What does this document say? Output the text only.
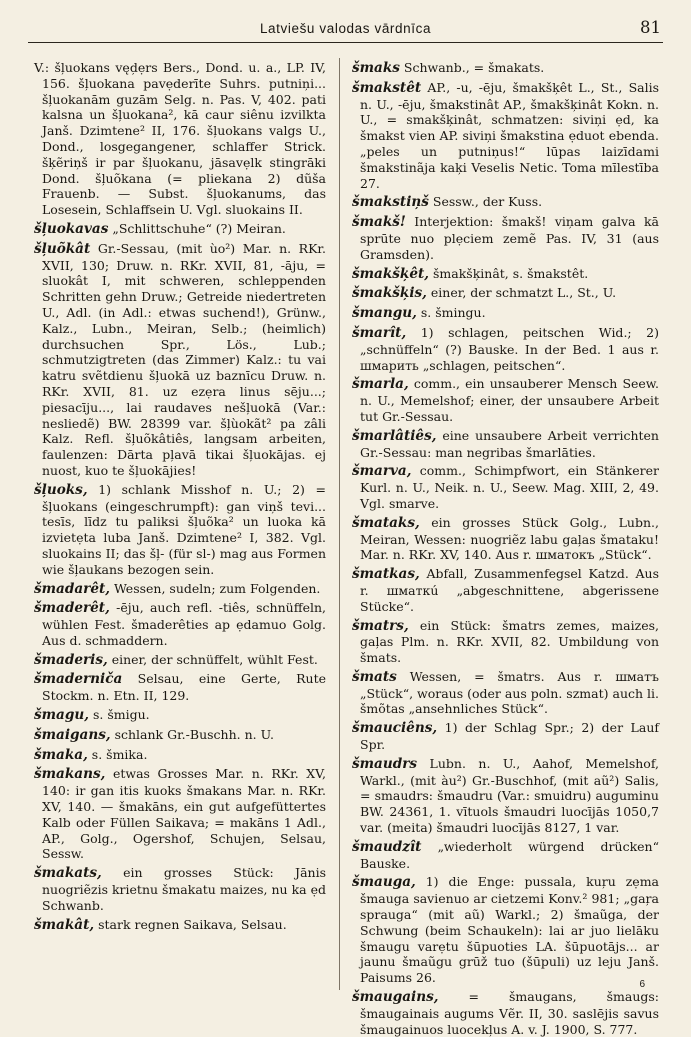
Latviešu valodas vārdnīca	81

V.: šļuokans vęd̦ẹrs Bers., Dond. u. a., LP. IV, 156. šļuokana pavẹderīte Suhrs. putniņi... šļuokanām guzām Selg. n. Pas. V, 402. pati kalsna un šļuokana², kā caur siênu izvilkta Janš. Dzimtene² II, 176. šļuokans valgs U., Dond., losgegangener, schlaffer Strick. šķẽriņš ir par šļuokanu, jāsavẹlk stingrāki Dond. šļuõkana (= pliekana 2) dũša Frauenb. — Subst. šļuokanums, das Losesein, Schlaffsein U. Vgl. sluokains II.

šļuokavas „Schlittschuhe“ (?) Meiran.

šļuõkât Gr.-Sessau, (mit ùo²) Mar. n. RKr. XVII, 130; Druw. n. RKr. XVII, 81, -āju, = sluokât I, mit schweren, schleppenden Schritten gehn Druw.; Getreide niedertreten U., Adl. (in Adl.: etwas suchend!), Grünw., Kalz., Lubn., Meiran, Selb.; (heimlich) durchsuchen Spr., Lös., Lub.; schmutzigtreten (das Zimmer) Kalz.: tu vai katru svẽtdienu šļuokā uz baznīcu Druw. n. RKr. XVII, 81. uz ezẹra linus sēju...; piesacīju..., lai raudaves nešļuokā (Var.: nesliedẽ) BW. 28399 var. šļùokãt² pa zâli Kalz. Refl. šļuõkâtiês, langsam arbeiten, faulenzen: Dārta pļavā tikai šļuokājas. ej nuost, kuo te šļuokājies!

šļuoks, 1) schlank Misshof n. U.; 2) = šļuokans (eingeschrumpft): gan viņš tevi... tesīs, līdz tu paliksi šļuõka² un luoka kā izvietẹta luba Janš. Dzimtene² I, 382. Vgl. sluokains II; das šļ- (für sl-) mag aus Formen wie šļaukans bezogen sein.

šmadarêt, Wessen, sudeln; zum Folgenden.

šmaderêt, -ēju, auch refl. -tiês, schnüffeln, wühlen Fest. šmaderêties ap ẹdamuo Golg. Aus d. schmaddern.

šmaderis, einer, der schnüffelt, wühlt Fest.

šmaderniča Selsau, eine Gerte, Rute Stockm. n. Etn. II, 129.

šmagu, s. šmigu.

šmaigans, schlank Gr.-Buschh. n. U.

šmaka, s. šmika.

šmakans, etwas Grosses Mar. n. RKr. XV, 140: ir gan itis kuoks šmakans Mar. n. RKr. XV, 140. — šmakāns, ein gut aufgefüttertes Kalb oder Füllen Saikava; = makāns 1 Adl., AP., Golg., Ogershof, Schujen, Selsau, Sessw.

šmakats, ein grosses Stück: Jānis nuogriẽzis krietnu šmakatu maizes, nu ka ẹd Schwanb.

šmakât, stark regnen Saikava, Selsau.

šmaks Schwanb., = šmakats.

šmakstêt AP., -u, -ēju, šmakšķêt L., St., Salis n. U., -ēju, šmakstinât AP., šmakšķinât Kokn. n. U., = smakšķinât, schmatzen: siviņi ẹd, ka šmakst vien AP. siviņi šmakstina ẹduot ebenda. „peles un putniņus!“ lūpas laizīdami šmakstinãja kaķi Veselis Netic. Toma mīlestība 27.

šmakstiņš Sessw., der Kuss.

šmakš! Interjektion: šmakš! viņam galva kā sprūte nuo plẹciem zemẽ Pas. IV, 31 (aus Gramsden).

šmakšķêt, šmakšķinât, s. šmakstêt.

šmakšķis, einer, der schmatzt L., St., U.

šmangu, s. šmingu.

šmarît, 1) schlagen, peitschen Wid.; 2) „schnüffeln“ (?) Bauske. In der Bed. 1 aus r. шмарить „schlagen, peitschen“.

šmarla, comm., ein unsauberer Mensch Seew. n. U., Memelshof; einer, der unsaubere Arbeit tut Gr.-Sessau.

šmarlâtiês, eine unsaubere Arbeit verrichten Gr.-Sessau: man negribas šmarlāties.

šmarva, comm., Schimpfwort, ein Stänkerer Kurl. n. U., Neik. n. U., Seew. Mag. XIII, 2, 49. Vgl. smarve.

šmataks, ein grosses Stück Golg., Lubn., Meiran, Wessen: nuogriẽz labu gaļas šmataku! Mar. n. RKr. XV, 140. Aus r. шматокъ „Stück“.

šmatkas, Abfall, Zusammenfegsel Katzd. Aus r. шматкú „abgeschnittene, abgerissene Stücke“.

šmatrs, ein Stück: šmatrs zemes, maizes, gaļas Plm. n. RKr. XVII, 82. Umbildung von šmats.

šmats Wessen, = šmatrs. Aus r. шматъ „Stück“, woraus (oder aus poln. szmat) auch li. šmõtas „ansehnliches Stück“.

šmauciêns, 1) der Schlag Spr.; 2) der Lauf Spr.

šmaudrs Lubn. n. U., Aahof, Memelshof, Warkl., (mit àu²) Gr.-Buschhof, (mit aũ²) Salis, = smaudrs: šmaudru (Var.: smuidru) auguminu BW. 24361, 1. vītuols šmaudri luocījās 1050,7 var. (meita) šmaudri luocījās 8127, 1 var.

šmaudzît „wiederholt würgend drücken“ Bauske.

šmauga, 1) die Enge: pussala, kuŗu zẹma šmauga savienuo ar cietzemi Konv.² 981; „gaŗa sprauga“ (mit aũ) Warkl.; 2) šmaũga, der Schwung (beim Schaukeln): lai ar juo lielāku šmaugu varẹtu šūpuoties LA. šūpuotājs... ar jaunu šmaũgu grūž tuo (šūpuli) uz leju Janš. Paisums 26.

šmaugains, = šmaugans, šmaugs: šmaugainais augums Vẽr. II, 30. saslējis savus šmaugainuos luocekļus A. v. J. 1900, S. 777.

6
